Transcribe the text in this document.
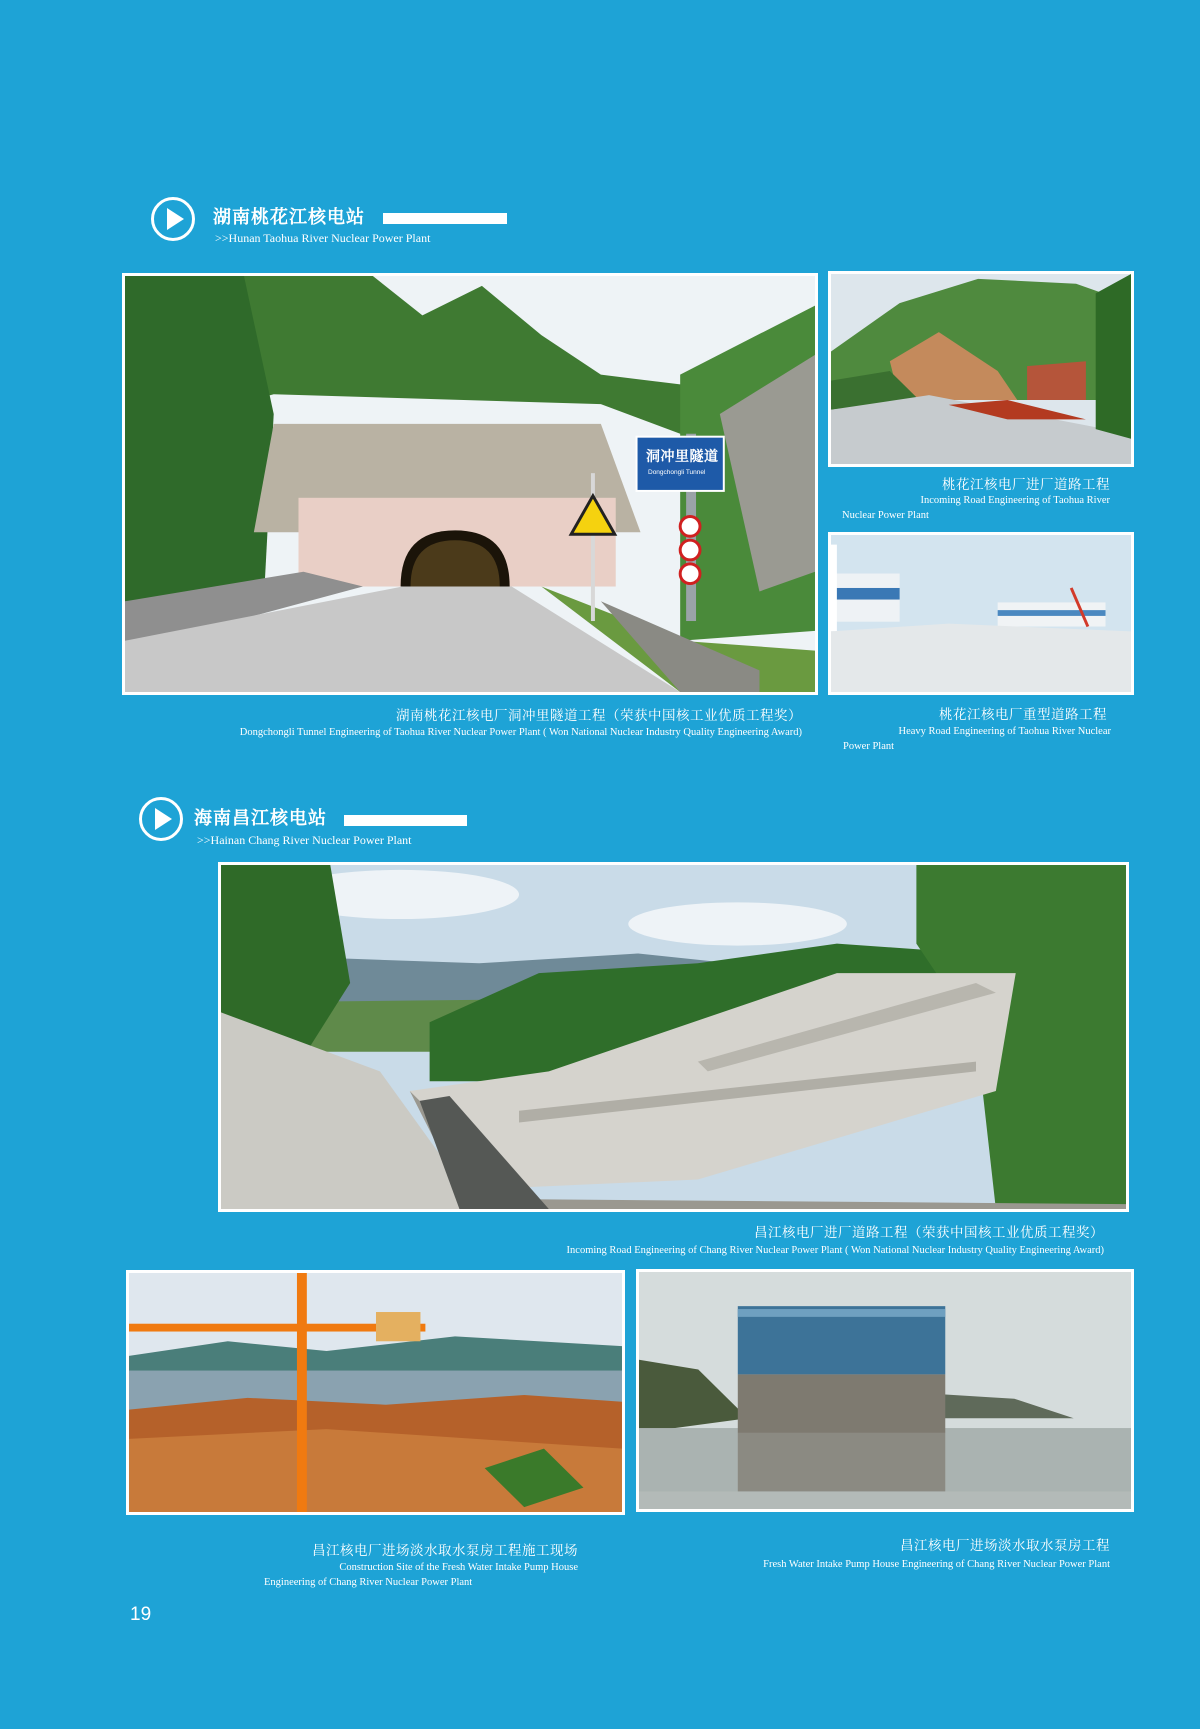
湖南桃花江核电站
>>Hunan Taohua River Nuclear Power Plant
洞冲里隧道
Dongchongli Tunnel
湖南桃花江核电厂洞冲里隧道工程（荣获中国核工业优质工程奖）
Dongchongli Tunnel Engineering of Taohua River Nuclear Power Plant ( Won National Nuclear Industry Quality Engineering Award)
桃花江核电厂进厂道路工程
Incoming Road Engineering of Taohua River
Nuclear Power Plant
桃花江核电厂重型道路工程
Heavy Road Engineering of Taohua River Nuclear
Power Plant
海南昌江核电站
>>Hainan Chang River Nuclear Power Plant
昌江核电厂进厂道路工程（荣获中国核工业优质工程奖）
Incoming Road Engineering of Chang River Nuclear Power Plant ( Won National Nuclear Industry Quality Engineering Award)
昌江核电厂进场淡水取水泵房工程施工现场
Construction Site of the Fresh Water Intake Pump House
Engineering of Chang River Nuclear Power Plant
昌江核电厂进场淡水取水泵房工程
Fresh Water Intake Pump House Engineering of Chang River Nuclear Power Plant
19
